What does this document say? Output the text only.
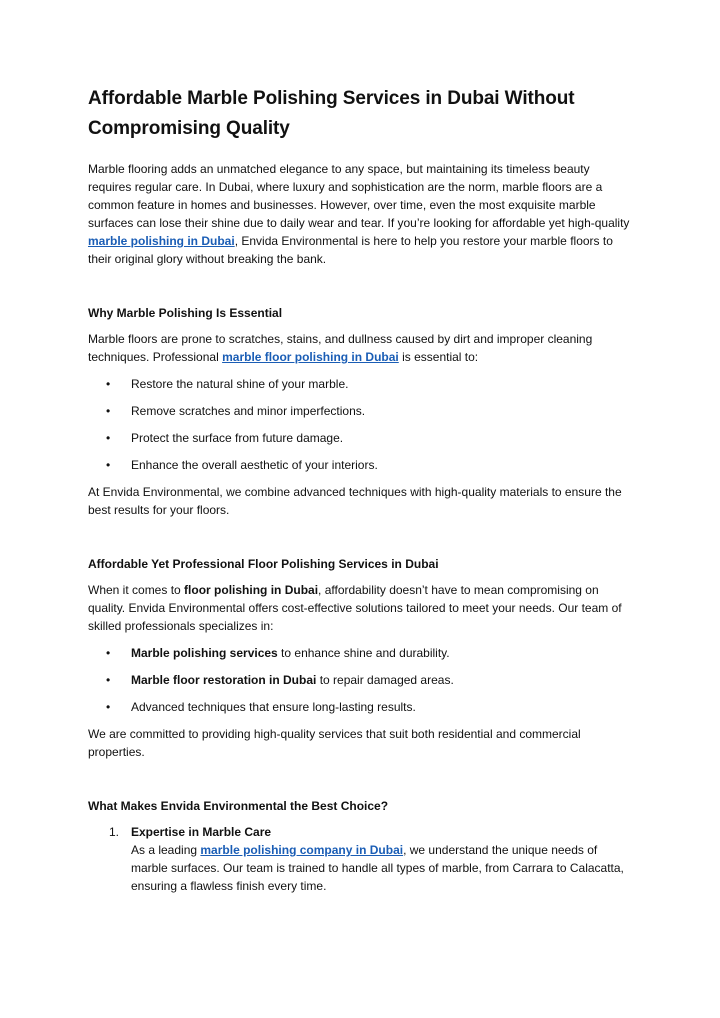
Affordable Marble Polishing Services in Dubai Without Compromising Quality

Marble flooring adds an unmatched elegance to any space, but maintaining its timeless beauty requires regular care. In Dubai, where luxury and sophistication are the norm, marble floors are a common feature in homes and businesses. However, over time, even the most exquisite marble surfaces can lose their shine due to daily wear and tear. If you’re looking for affordable yet high-quality marble polishing in Dubai, Envida Environmental is here to help you restore your marble floors to their original glory without breaking the bank.

Why Marble Polishing Is Essential

Marble floors are prone to scratches, stains, and dullness caused by dirt and improper cleaning techniques. Professional marble floor polishing in Dubai is essential to:

• Restore the natural shine of your marble.
• Remove scratches and minor imperfections.
• Protect the surface from future damage.
• Enhance the overall aesthetic of your interiors.

At Envida Environmental, we combine advanced techniques with high-quality materials to ensure the best results for your floors.

Affordable Yet Professional Floor Polishing Services in Dubai

When it comes to floor polishing in Dubai, affordability doesn’t have to mean compromising on quality. Envida Environmental offers cost-effective solutions tailored to meet your needs. Our team of skilled professionals specializes in:

• Marble polishing services to enhance shine and durability.
• Marble floor restoration in Dubai to repair damaged areas.
• Advanced techniques that ensure long-lasting results.

We are committed to providing high-quality services that suit both residential and commercial properties.

What Makes Envida Environmental the Best Choice?
1. Expertise in Marble Care
As a leading marble polishing company in Dubai, we understand the unique needs of marble surfaces. Our team is trained to handle all types of marble, from Carrara to Calacatta, ensuring a flawless finish every time.
